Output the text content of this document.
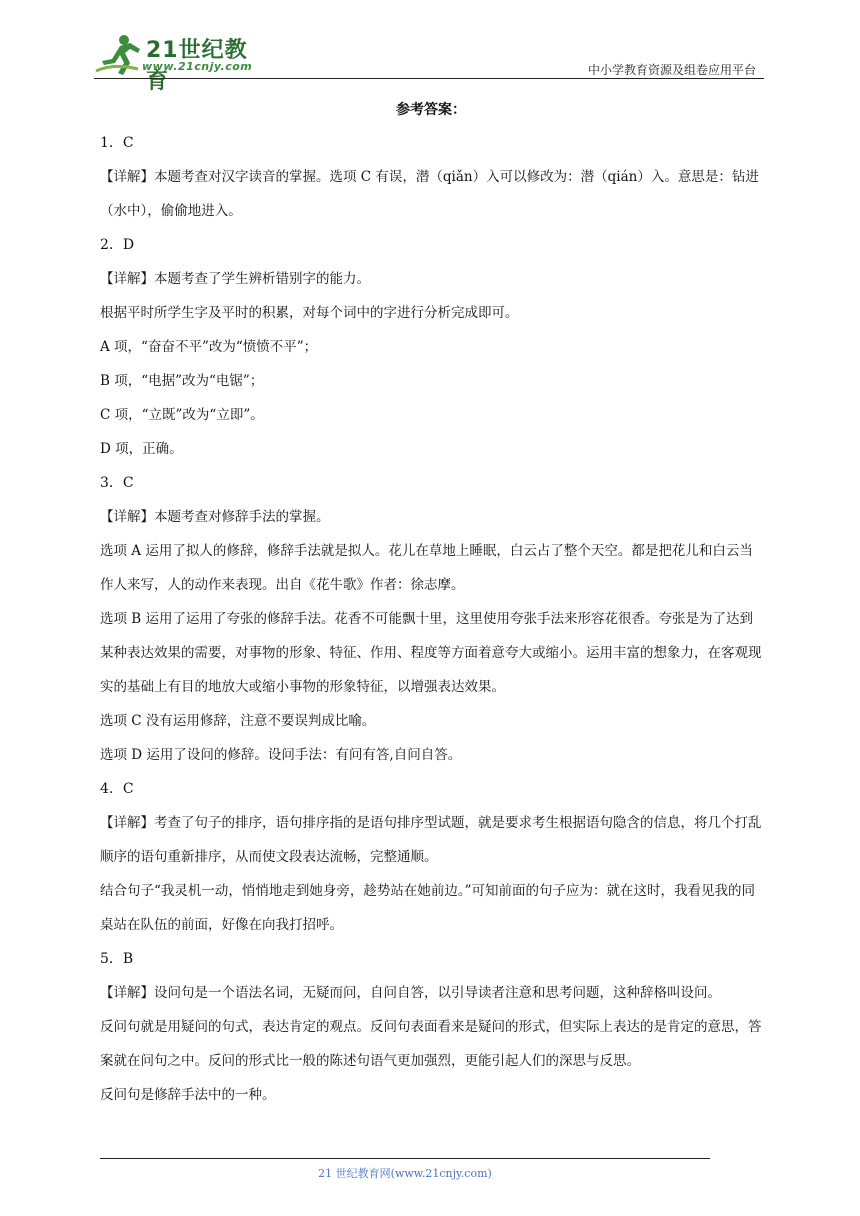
21世纪教育
www.21cnjy.com	中小学教育资源及组卷应用平台
参考答案：
1．C

【详解】本题考查对汉字读音的掌握。选项 C 有误，潜（qiǎn）入可以修改为：潜（qián）入。意思是：钻进（水中），偷偷地进入。

2．D

【详解】本题考查了学生辨析错别字的能力。

根据平时所学生字及平时的积累，对每个词中的字进行分析完成即可。

A 项，“奋奋不平”改为“愤愤不平”；

B 项，“电据”改为“电锯”；

C 项，“立既”改为“立即”。

D 项，正确。

3．C

【详解】本题考查对修辞手法的掌握。

选项 A 运用了拟人的修辞，修辞手法就是拟人。花儿在草地上睡眠，白云占了整个天空。都是把花儿和白云当作人来写，人的动作来表现。出自《花牛歌》作者：徐志摩。

选项 B 运用了运用了夸张的修辞手法。花香不可能飘十里，这里使用夸张手法来形容花很香。夸张是为了达到某种表达效果的需要，对事物的形象、特征、作用、程度等方面着意夸大或缩小。运用丰富的想象力，在客观现实的基础上有目的地放大或缩小事物的形象特征，以增强表达效果。

选项 C 没有运用修辞，注意不要误判成比喻。

选项 D 运用了设问的修辞。设问手法：有问有答,自问自答。

4．C

【详解】考查了句子的排序，语句排序指的是语句排序型试题，就是要求考生根据语句隐含的信息，将几个打乱顺序的语句重新排序，从而使文段表达流畅，完整通顺。

结合句子“我灵机一动，悄悄地走到她身旁，趁势站在她前边。”可知前面的句子应为：就在这时，我看见我的同桌站在队伍的前面，好像在向我打招呼。

5．B

【详解】设问句是一个语法名词，无疑而问，自问自答，以引导读者注意和思考问题，这种辞格叫设问。

反问句就是用疑问的句式，表达肯定的观点。反问句表面看来是疑问的形式，但实际上表达的是肯定的意思，答案就在问句之中。反问的形式比一般的陈述句语气更加强烈，更能引起人们的深思与反思。

反问句是修辞手法中的一种。

21 世纪教育网(www.21cnjy.com)
